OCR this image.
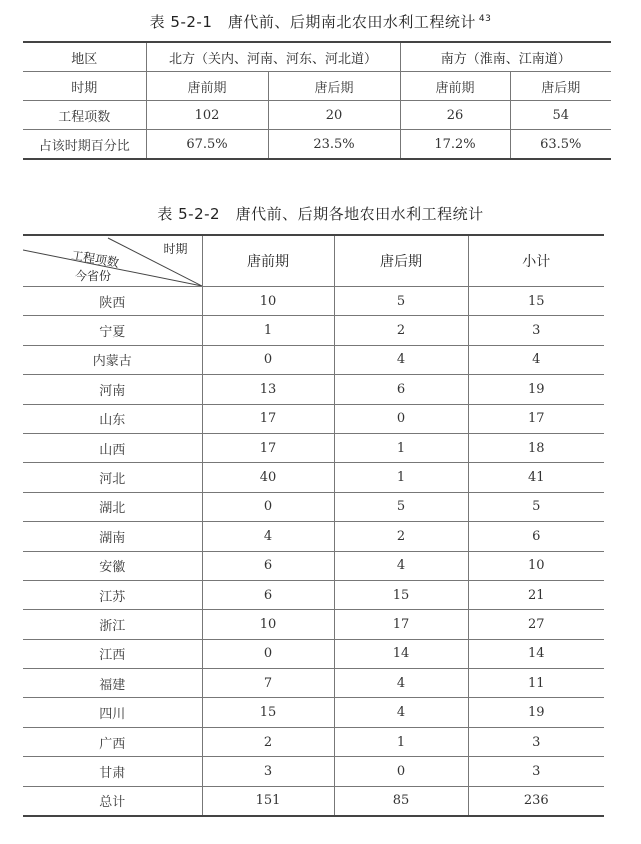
表 5-2-1　唐代前、后期南北农田水利工程统计 $^{43}$
地区	北方（关内、河南、河东、河北道）		南方（淮南、江南道）	
时期	唐前期	唐后期	唐前期	唐后期
工程项数	102	20	26	54
占该时期百分比	67.5%	23.5%	17.2%	63.5%
表 5-2-2　唐代前、后期各地农田水利工程统计
时期
工程项数
今省份	唐前期	唐后期	小计
陕西	10	5	15
宁夏	1	2	3
内蒙古	0	4	4
河南	13	6	19
山东	17	0	17
山西	17	1	18
河北	40	1	41
湖北	0	5	5
湖南	4	2	6
安徽	6	4	10
江苏	6	15	21
浙江	10	17	27
江西	0	14	14
福建	7	4	11
四川	15	4	19
广西	2	1	3
甘肃	3	0	3
总计	151	85	236
